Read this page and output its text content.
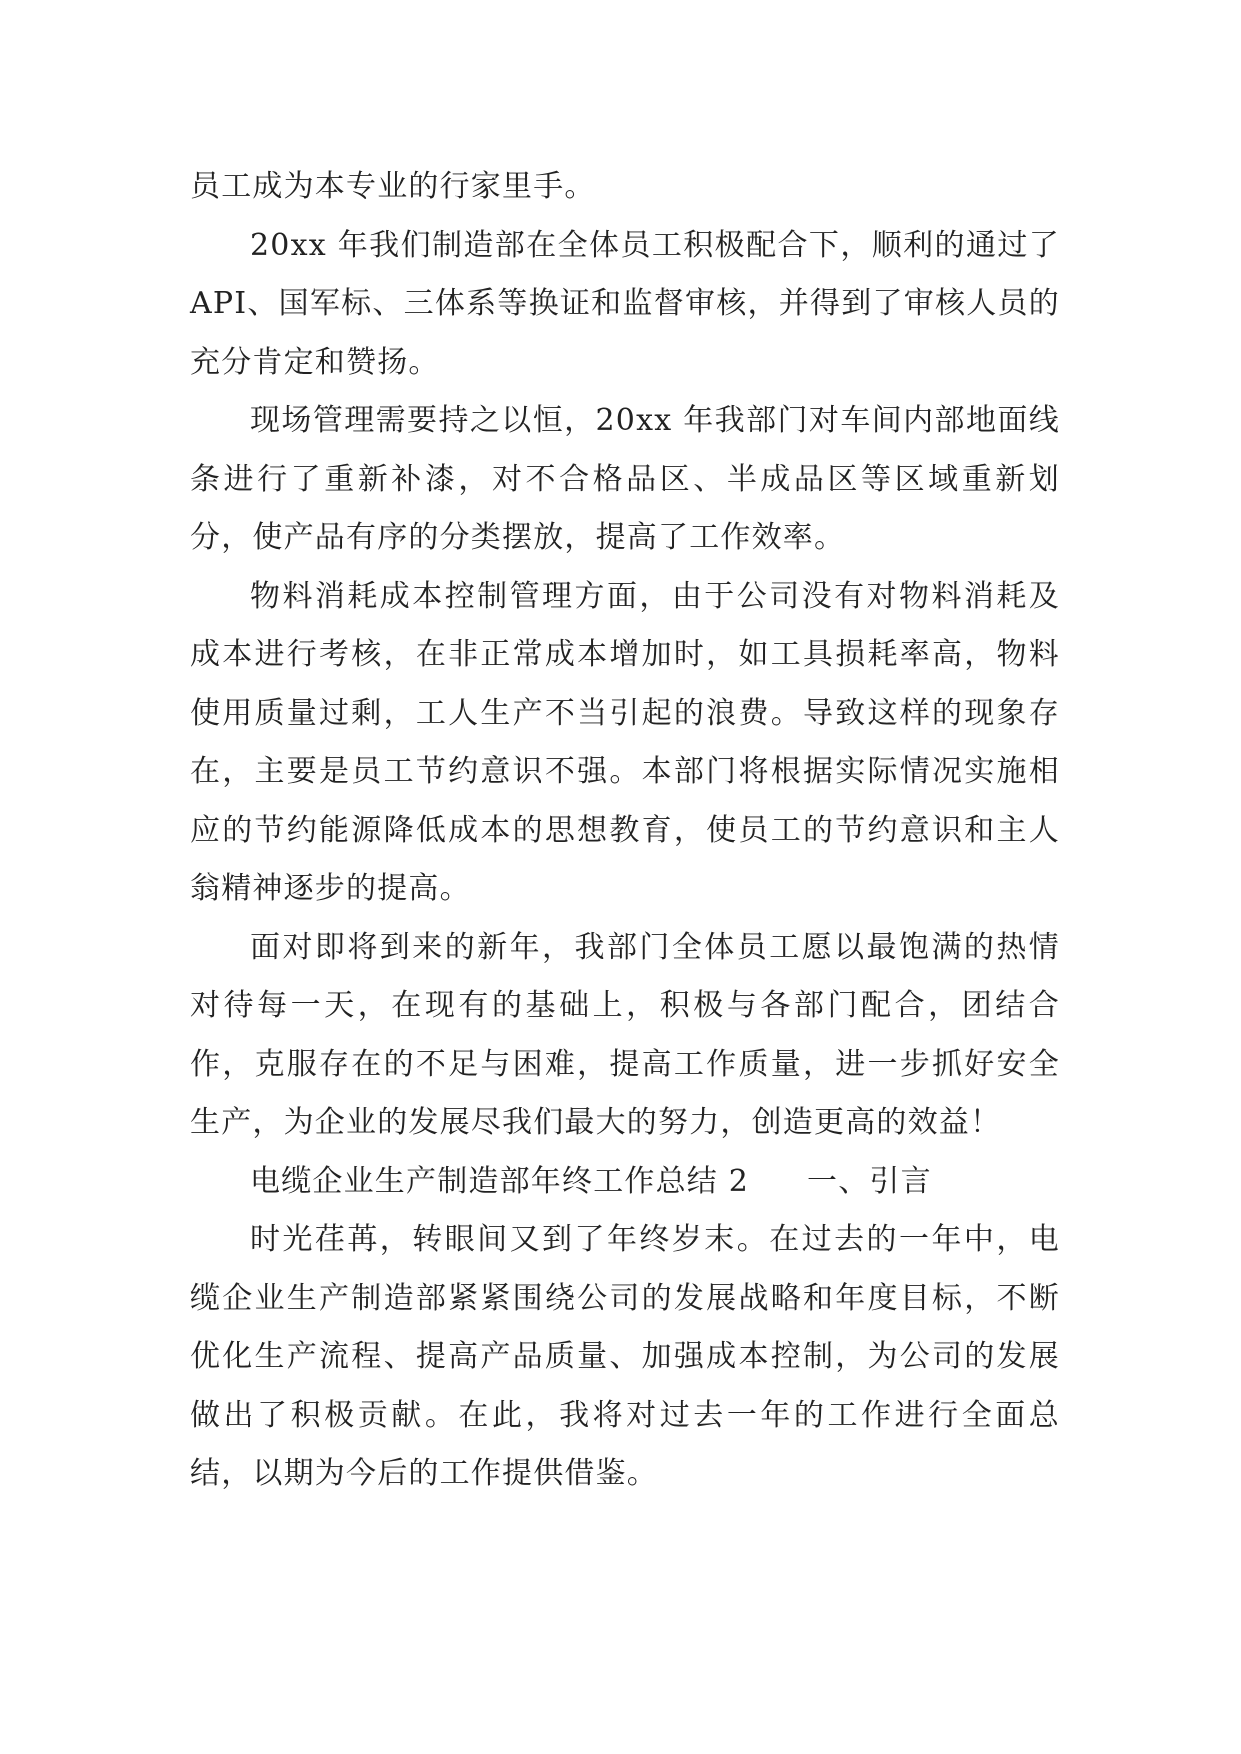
员工成为本专业的行家里手。

20xx 年我们制造部在全体员工积极配合下，顺利的通过了 API、国军标、三体系等换证和监督审核，并得到了审核人员的充分肯定和赞扬。

现场管理需要持之以恒，20xx 年我部门对车间内部地面线条进行了重新补漆，对不合格品区、半成品区等区域重新划分，使产品有序的分类摆放，提高了工作效率。

物料消耗成本控制管理方面，由于公司没有对物料消耗及成本进行考核，在非正常成本增加时，如工具损耗率高，物料使用质量过剩，工人生产不当引起的浪费。导致这样的现象存在，主要是员工节约意识不强。本部门将根据实际情况实施相应的节约能源降低成本的思想教育，使员工的节约意识和主人翁精神逐步的提高。

面对即将到来的新年，我部门全体员工愿以最饱满的热情对待每一天，在现有的基础上，积极与各部门配合，团结合作，克服存在的不足与困难，提高工作质量，进一步抓好安全生产，为企业的发展尽我们最大的努力，创造更高的效益！

电缆企业生产制造部年终工作总结 2 一、引言

时光荏苒，转眼间又到了年终岁末。在过去的一年中，电缆企业生产制造部紧紧围绕公司的发展战略和年度目标，不断优化生产流程、提高产品质量、加强成本控制，为公司的发展做出了积极贡献。在此，我将对过去一年的工作进行全面总结，以期为今后的工作提供借鉴。
